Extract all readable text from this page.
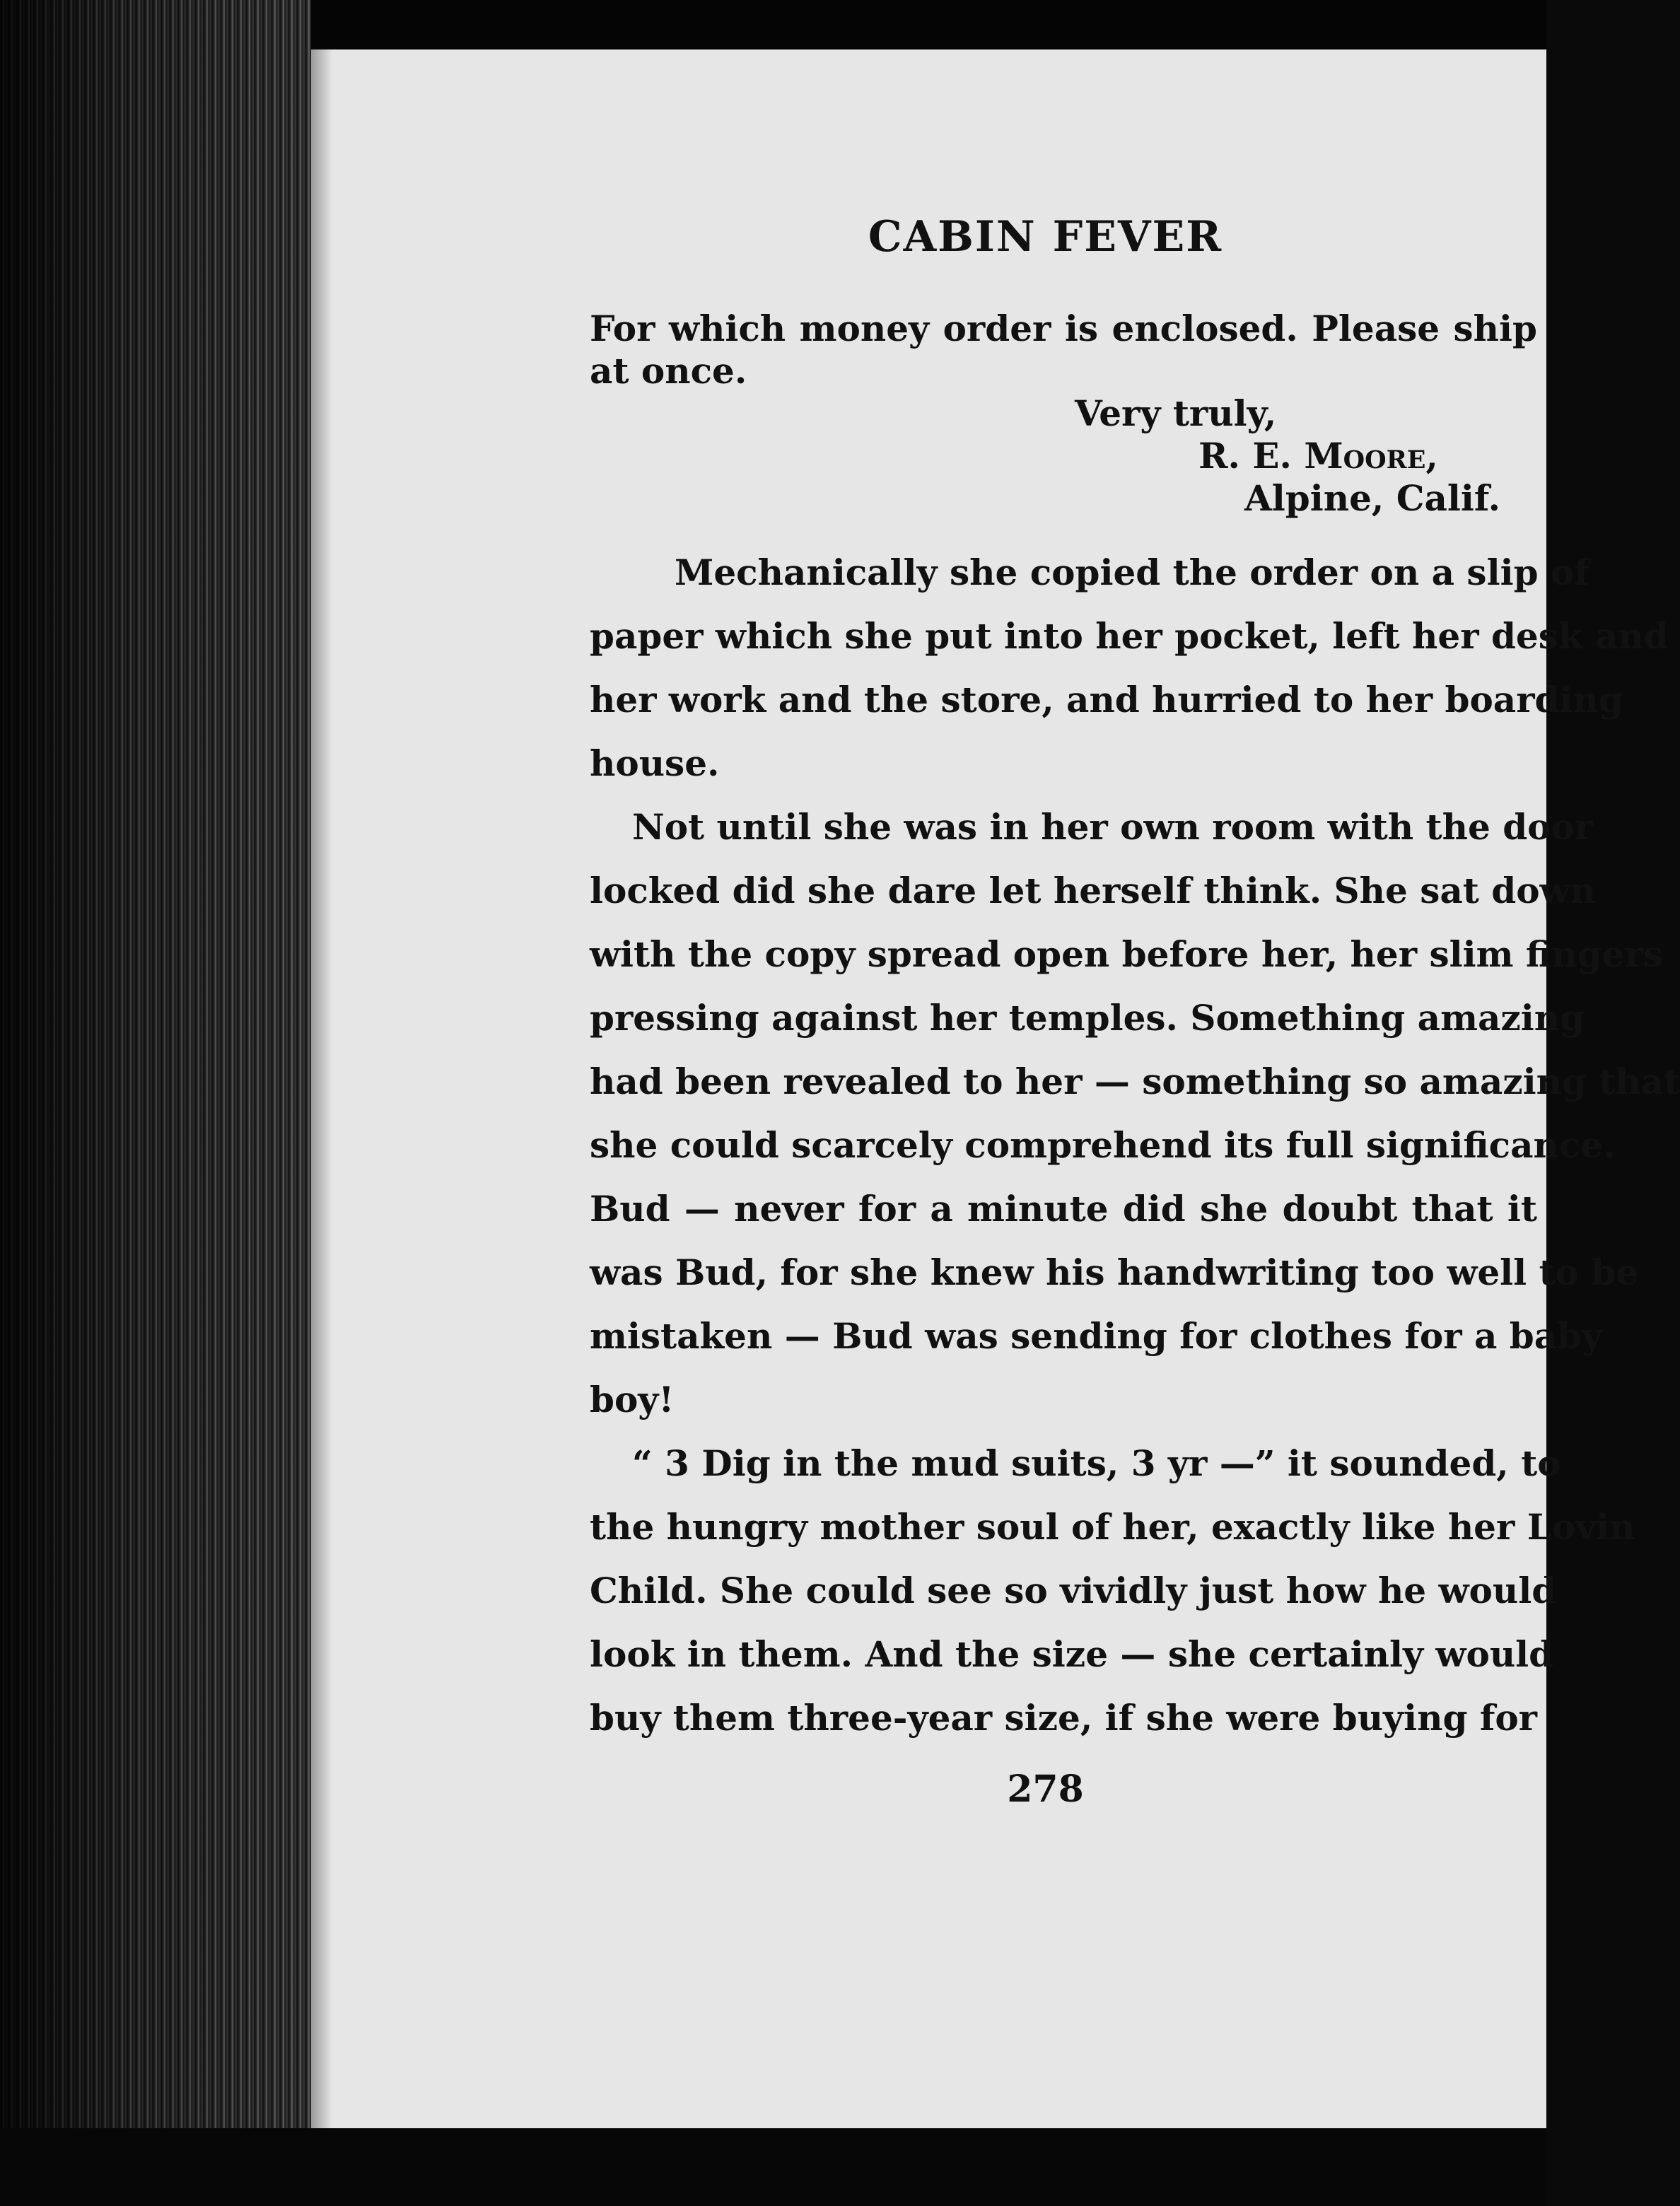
CABIN FEVER
For which money order is enclosed. Please ship
at once.
Very truly,
R. E. Moore,
Alpine, Calif.
Mechanically she copied the order on a slip of
paper which she put into her pocket, left her desk and
her work and the store, and hurried to her boarding
house.
Not until she was in her own room with the door
locked did she dare let herself think. She sat down
with the copy spread open before her, her slim fingers
pressing against her temples. Something amazing
had been revealed to her — something so amazing that
she could scarcely comprehend its full significance.
Bud — never for a minute did she doubt that it
was Bud, for she knew his handwriting too well to be
mistaken — Bud was sending for clothes for a baby
boy!
“ 3 Dig in the mud suits, 3 yr —” it sounded, to
the hungry mother soul of her, exactly like her Lovin
Child. She could see so vividly just how he would
look in them. And the size — she certainly would
buy them three-year size, if she were buying for
278
